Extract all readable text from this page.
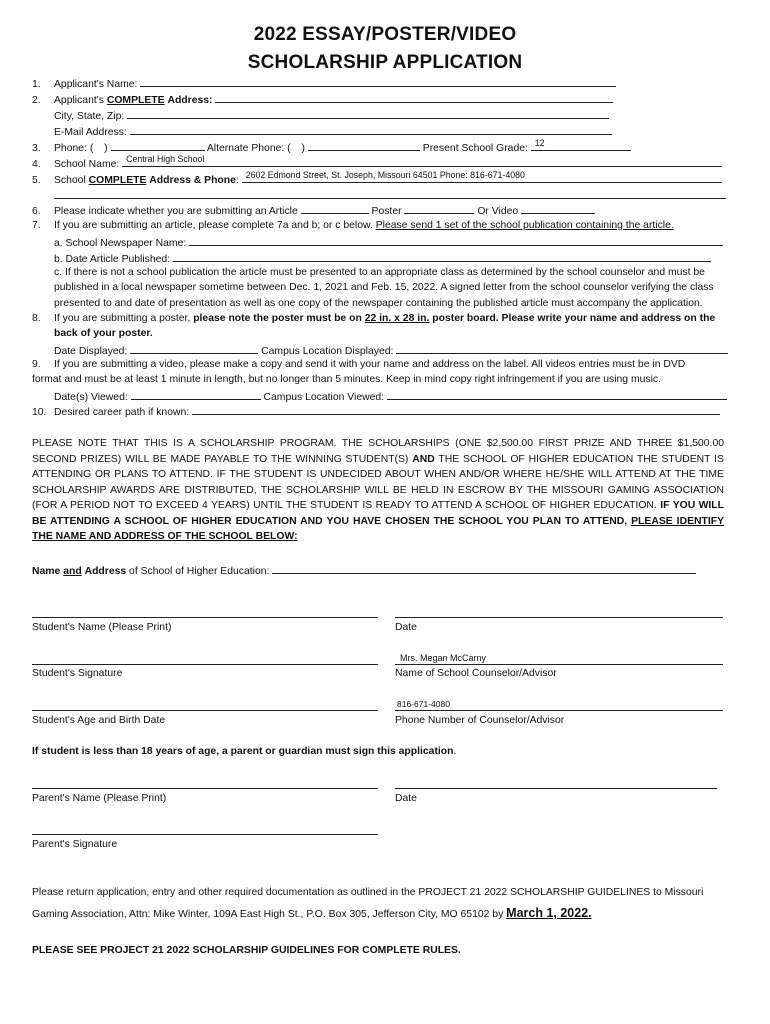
2022 ESSAY/POSTER/VIDEO
SCHOLARSHIP APPLICATION
1. Applicant's Name:
2. Applicant's COMPLETE Address:
City, State, Zip:
E-Mail Address:
3. Phone: ( )	Alternate Phone: ( )	Present School Grade: 12
4. School Name: Central High School
5. School COMPLETE Address & Phone: 2602 Edmond Street, St. Joseph, Missouri 64501 Phone: 816-671-4080
6. Please indicate whether you are submitting an Article	Poster	Or Video
7. If you are submitting an article, please complete 7a and b; or c below. Please send 1 set of the school publication containing the article.
a. School Newspaper Name:
b. Date Article Published:
c. If there is not a school publication the article must be presented to an appropriate class as determined by the school counselor and must be
published in a local newspaper sometime between Dec. 1, 2021 and Feb. 15, 2022. A signed letter from the school counselor verifying the class
presented to and date of presentation as well as one copy of the newspaper containing the published article must accompany the application.
8. If you are submitting a poster, please note the poster must be on 22 in. x 28 in. poster board. Please write your name and address on the
back of your poster.
Date Displayed:	Campus Location Displayed:
9. If you are submitting a video, please make a copy and send it with your name and address on the label. All videos entries must be in DVD
format and must be at least 1 minute in length, but no longer than 5 minutes. Keep in mind copy right infringement if you are using music.
Date(s) Viewed:	Campus Location Viewed:
10. Desired career path if known:
PLEASE NOTE THAT THIS IS A SCHOLARSHIP PROGRAM. THE SCHOLARSHIPS (ONE $2,500.00 FIRST PRIZE AND THREE $1,500.00 SECOND PRIZES) WILL BE MADE PAYABLE TO THE WINNING STUDENT(S) AND THE SCHOOL OF HIGHER EDUCATION THE STUDENT IS ATTENDING OR PLANS TO ATTEND. IF THE STUDENT IS UNDECIDED ABOUT WHEN AND/OR WHERE HE/SHE WILL ATTEND AT THE TIME SCHOLARSHIP AWARDS ARE DISTRIBUTED, THE SCHOLARSHIP WILL BE HELD IN ESCROW BY THE MISSOURI GAMING ASSOCIATION (FOR A PERIOD NOT TO EXCEED 4 YEARS) UNTIL THE STUDENT IS READY TO ATTEND A SCHOOL OF HIGHER EDUCATION. IF YOU WILL BE ATTENDING A SCHOOL OF HIGHER EDUCATION AND YOU HAVE CHOSEN THE SCHOOL YOU PLAN TO ATTEND, PLEASE IDENTIFY THE NAME AND ADDRESS OF THE SCHOOL BELOW:
Name and Address of School of Higher Education:
Student's Name (Please Print)	Date
Student's Signature
Mrs. Megan McCarny
Name of School Counselor/Advisor
Student's Age and Birth Date
816-671-4080
Phone Number of Counselor/Advisor
If student is less than 18 years of age, a parent or guardian must sign this application.
Parent's Name (Please Print)	Date
Parent's Signature
Please return application, entry and other required documentation as outlined in the PROJECT 21 2022 SCHOLARSHIP GUIDELINES to Missouri
Gaming Association, Attn: Mike Winter, 109A East High St., P.O. Box 305, Jefferson City, MO 65102 by March 1, 2022.
PLEASE SEE PROJECT 21 2022 SCHOLARSHIP GUIDELINES FOR COMPLETE RULES.
